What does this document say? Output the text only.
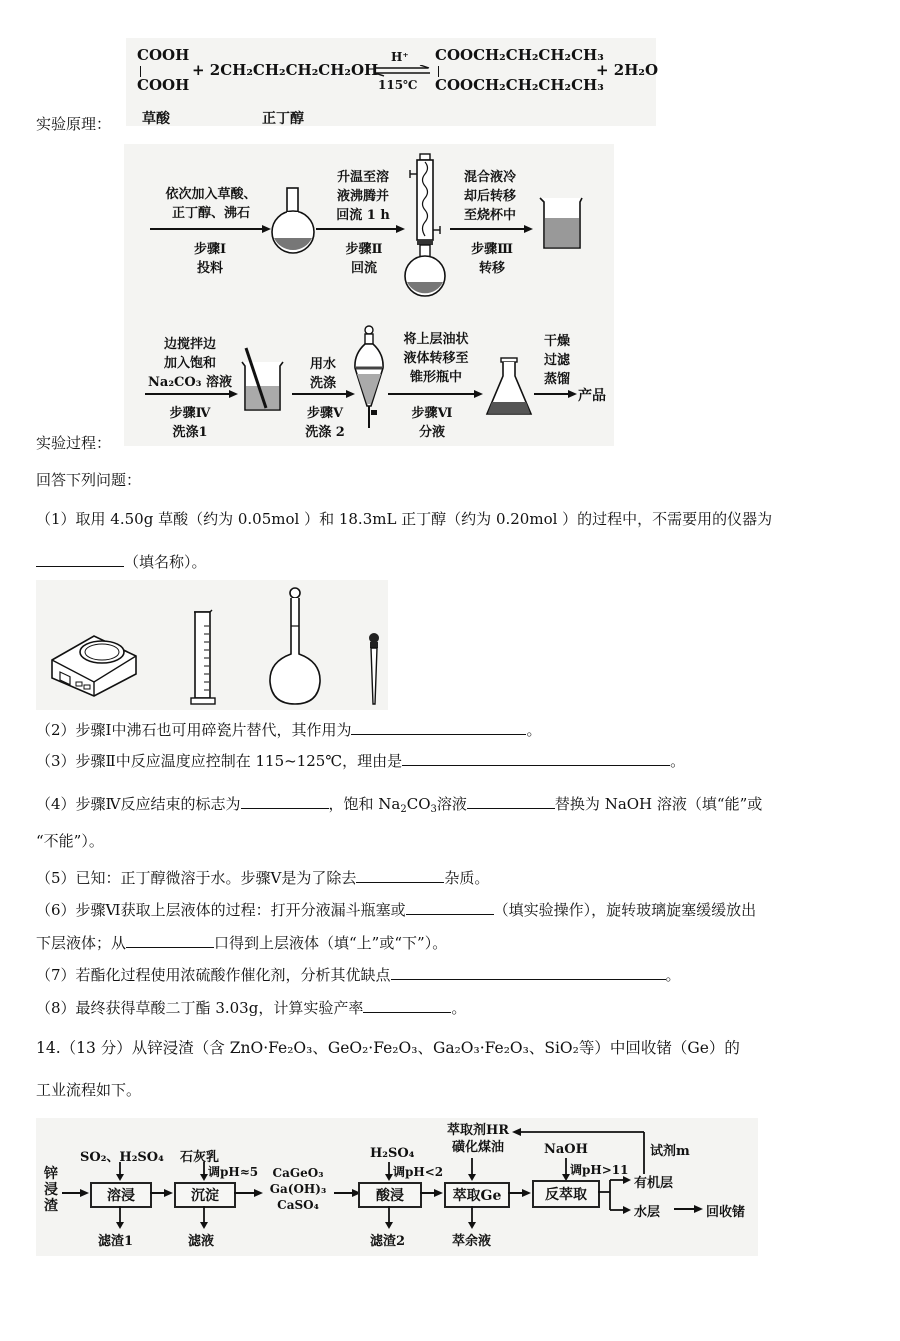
COOH
COOH
+ 2CH₂CH₂CH₂CH₂OH
H⁺
115℃
COOCH₂CH₂CH₂CH₃
COOCH₂CH₂CH₂CH₃
+ 2H₂O
草酸	正丁醇
实验原理：
依次加入草酸、
正丁醇、沸石
步骤Ⅰ
投料
升温至溶
液沸腾并
回流 1 h
步骤Ⅱ
回流
混合液冷
却后转移
至烧杯中
步骤Ⅲ
转移
边搅拌边
加入饱和
Na₂CO₃ 溶液
步骤Ⅳ
洗涤1
用水
洗涤
步骤Ⅴ
洗涤 2
将上层油状
液体转移至
锥形瓶中
步骤Ⅵ
分液
干燥
过滤
蒸馏
产品
实验过程：
回答下列问题：
（1）取用 4.50g 草酸（约为 0.05mol ）和 18.3mL 正丁醇（约为 0.20mol ）的过程中，不需要用的仪器为
（填名称）。
（2）步骤Ⅰ中沸石也可用碎瓷片替代，其作用为	。
（3）步骤Ⅱ中反应温度应控制在 115~125℃，理由是	。
（4）步骤Ⅳ反应结束的标志为	，饱和 $Na_2CO_3$溶液	替换为 NaOH 溶液（填“能”或
“不能”）。
（5）已知：正丁醇微溶于水。步骤Ⅴ是为了除去	杂质。
（6）步骤Ⅵ获取上层液体的过程：打开分液漏斗瓶塞或	（填实验操作），旋转玻璃旋塞缓缓放出
下层液体；从	口得到上层液体（填“上”或“下”）。
（7）若酯化过程使用浓硫酸作催化剂，分析其优缺点	。
（8）最终获得草酸二丁酯 3.03g，计算实验产率	。
14.（13 分）从锌浸渣（含 ZnO·Fe₂O₃、GeO₂·Fe₂O₃、Ga₂O₃·Fe₂O₃、SiO₂等）中回收锗（Ge）的
工业流程如下。
锌浸渣
SO₂、H₂SO₄
溶浸
滤渣1
石灰乳
调pH≈5
沉淀
滤液
CaGeO₃
Ga(OH)₃
CaSO₄
H₂SO₄
调pH<2
酸浸
滤渣2
萃取剂HR
磺化煤油
萃取Ge
萃余液
NaOH
调pH>11
反萃取
有机层
水层	回收锗
试剂m
